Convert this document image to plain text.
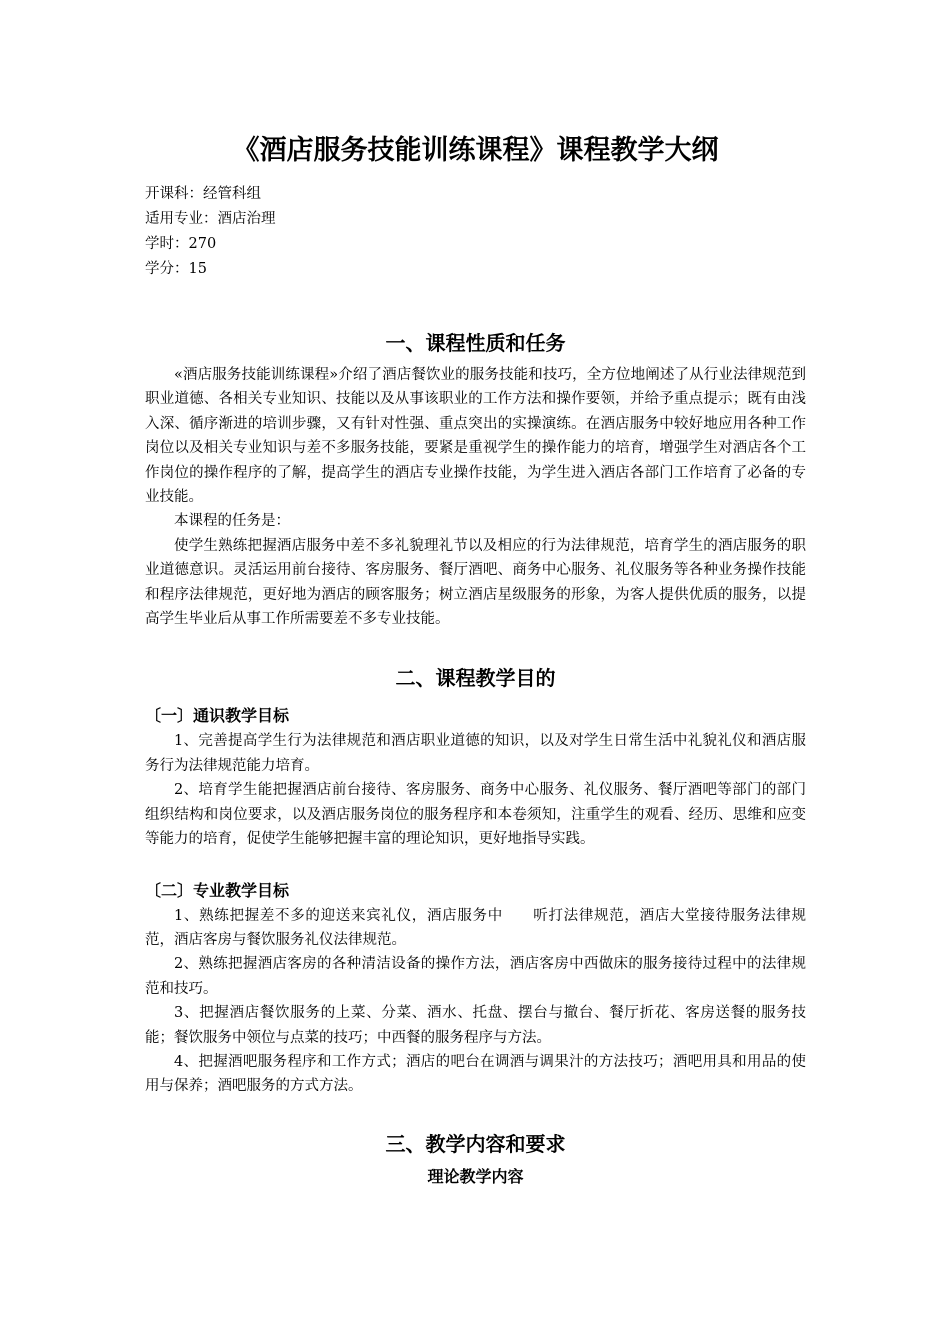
《酒店服务技能训练课程》课程教学大纲

开课科：经管科组

适用专业：酒店治理

学时：270

学分：15

一、课程性质和任务

«酒店服务技能训练课程»介绍了酒店餐饮业的服务技能和技巧，全方位地阐述了从行业法律规范到职业道德、各相关专业知识、技能以及从事该职业的工作方法和操作要领，并给予重点提示；既有由浅入深、循序渐进的培训步骤，又有针对性强、重点突出的实操演练。在酒店服务中较好地应用各种工作岗位以及相关专业知识与差不多服务技能，要紧是重视学生的操作能力的培育，增强学生对酒店各个工作岗位的操作程序的了解，提高学生的酒店专业操作技能，为学生进入酒店各部门工作培育了必备的专业技能。

本课程的任务是：

使学生熟练把握酒店服务中差不多礼貌理礼节以及相应的行为法律规范，培育学生的酒店服务的职业道德意识。灵活运用前台接待、客房服务、餐厅酒吧、商务中心服务、礼仪服务等各种业务操作技能和程序法律规范，更好地为酒店的顾客服务；树立酒店星级服务的形象，为客人提供优质的服务，以提高学生毕业后从事工作所需要差不多专业技能。

二、课程教学目的
〔一〕通识教学目标

1、完善提高学生行为法律规范和酒店职业道德的知识，以及对学生日常生活中礼貌礼仪和酒店服务行为法律规范能力培育。

2、培育学生能把握酒店前台接待、客房服务、商务中心服务、礼仪服务、餐厅酒吧等部门的部门组织结构和岗位要求，以及酒店服务岗位的服务程序和本卷须知，注重学生的观看、经历、思维和应变等能力的培育，促使学生能够把握丰富的理论知识，更好地指导实践。

〔二〕专业教学目标

1、熟练把握差不多的迎送来宾礼仪，酒店服务中　　听打法律规范，酒店大堂接待服务法律规范，酒店客房与餐饮服务礼仪法律规范。

2、熟练把握酒店客房的各种清洁设备的操作方法，酒店客房中西做床的服务接待过程中的法律规范和技巧。

3、把握酒店餐饮服务的上菜、分菜、酒水、托盘、摆台与撤台、餐厅折花、客房送餐的服务技能；餐饮服务中领位与点菜的技巧；中西餐的服务程序与方法。

4、把握酒吧服务程序和工作方式；酒店的吧台在调酒与调果汁的方法技巧；酒吧用具和用品的使用与保养；酒吧服务的方式方法。

三、教学内容和要求
理论教学内容
